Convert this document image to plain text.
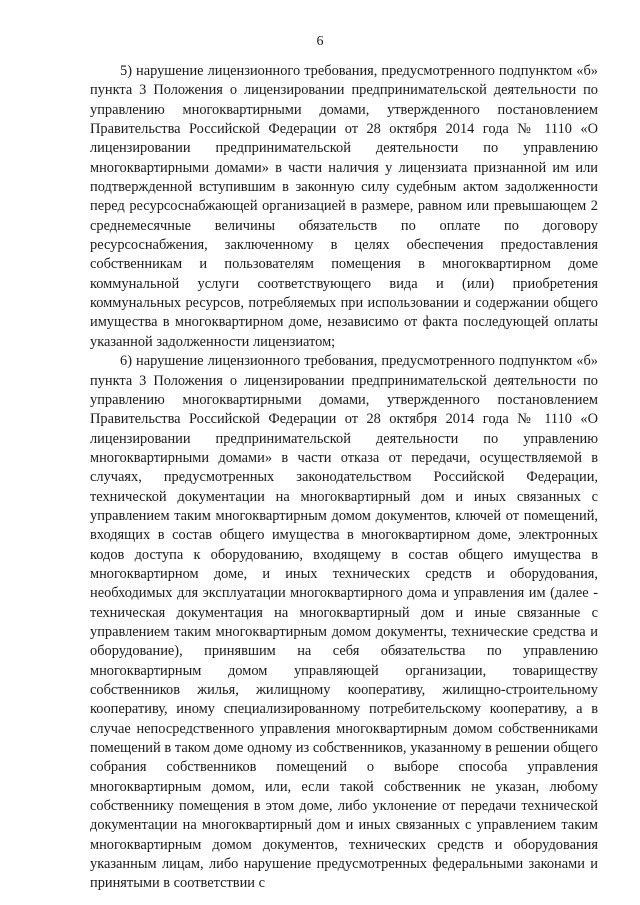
6

5) нарушение лицензионного требования, предусмотренного подпунктом «б» пункта 3 Положения о лицензировании предпринимательской деятельности по управлению многоквартирными домами, утвержденного постановлением Правительства Российской Федерации от 28 октября 2014 года № 1110 «О лицензировании предпринимательской деятельности по управлению многоквартирными домами» в части наличия у лицензиата признанной им или подтвержденной вступившим в законную силу судебным актом задолженности перед ресурсоснабжающей организацией в размере, равном или превышающем 2 среднемесячные величины обязательств по оплате по договору ресурсоснабжения, заключенному в целях обеспечения предоставления собственникам и пользователям помещения в многоквартирном доме коммунальной услуги соответствующего вида и (или) приобретения коммунальных ресурсов, потребляемых при использовании и содержании общего имущества в многоквартирном доме, независимо от факта последующей оплаты указанной задолженности лицензиатом;

6) нарушение лицензионного требования, предусмотренного подпунктом «б» пункта 3 Положения о лицензировании предпринимательской деятельности по управлению многоквартирными домами, утвержденного постановлением Правительства Российской Федерации от 28 октября 2014 года № 1110 «О лицензировании предпринимательской деятельности по управлению многоквартирными домами» в части отказа от передачи, осуществляемой в случаях, предусмотренных законодательством Российской Федерации, технической документации на многоквартирный дом и иных связанных с управлением таким многоквартирным домом документов, ключей от помещений, входящих в состав общего имущества в многоквартирном доме, электронных кодов доступа к оборудованию, входящему в состав общего имущества в многоквартирном доме, и иных технических средств и оборудования, необходимых для эксплуатации многоквартирного дома и управления им (далее - техническая документация на многоквартирный дом и иные связанные с управлением таким многоквартирным домом документы, технические средства и оборудование), принявшим на себя обязательства по управлению многоквартирным домом управляющей организации, товариществу собственников жилья, жилищному кооперативу, жилищно-строительному кооперативу, иному специализированному потребительскому кооперативу, а в случае непосредственного управления многоквартирным домом собственниками помещений в таком доме одному из собственников, указанному в решении общего собрания собственников помещений о выборе способа управления многоквартирным домом, или, если такой собственник не указан, любому собственнику помещения в этом доме, либо уклонение от передачи технической документации на многоквартирный дом и иных связанных с управлением таким многоквартирным домом документов, технических средств и оборудования указанным лицам, либо нарушение предусмотренных федеральными законами и принятыми в соответствии с
